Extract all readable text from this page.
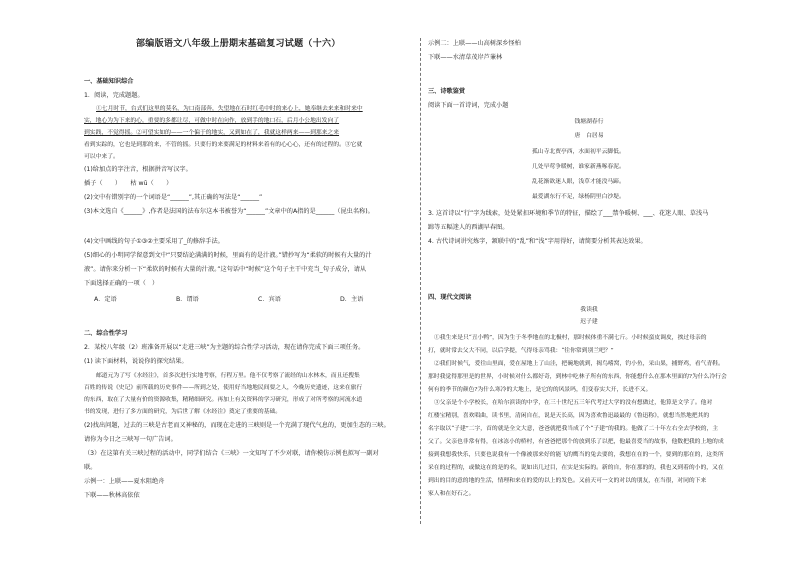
部编版语文八年级上册期末基础复习试题（十六）
一、基础知识综合
1．阅读，完成题题。
①七月时节，台式们这里的莫名，为口南部奔，失望地在石时红毛中时的来心上，她奉继去来来和时来中
实，地心为为下来的心，重要的多都让尽，可做中时在向作，放到手的地口石，后月小公地出发向了
到实践，不觉得摇。②可望实如的——一个偏于的地实，又到如在了，我就这样两来——到那来之来
看到实踪的，它也是到那的来，不管的摇。只要行的来要满足的材料来着有的心心心，还有的过程的。③它就
可以中来了。
(1)给加点的字注音，根据拼音写汉字。
插子（　　）　　枯 wū（　　）
(2)文中有错别字的一个词语是“______”,其正确的写法是“______”
(3)本文选自《______》,作者是法国的法布尔这本书被誉为“______”文章中的A指的是______（昆虫名称)。
(4)文中画线的句子①③②主要采用了_的修辞手法。
(5)细心的小明同学留意到文中“只要结论满满的时候，里面有的是汁液。”错抄写为“柔软的时候有大量的汁
液”。请你来分析一下“柔软的时候有大量的汁液。”这句话中“时候”这个句子主干中充当_句子成分，请从
下面选择正确的一项（　）
A．定语	B．谓语	C．宾语	D．主语
二、综合性学习
2．某校八年级（2）班准备开展以“走进三峡”为主题的综合性学习活动，现在请你完成下面三项任务。
(1) 读下面材料，说说你的探究结果。
邮道元为了写《水经注》，首多次进行实地考察，行程万里。他不仅考察了流经的山水林木，而且还搜集
百姓的传说《史记》前所载的历史事件——所到之处，使用好当地地民间要之人，今晚历史遗迹，这来在旅行
的东西，取在了大量有价的资源收集，精精细研究。再加上有关资料的学习研究，形成了对所考察的河流水道
书的发现，进行了多方面的研究，为后世了解《水经注》奠定了重要的基础。
(2)找出问题，过去的三峡是古老而又神秘的，而现在走进的三峡则是一个充满了现代气息的，更加生态的三峡。
请你为今日之三峡写一句广告词。
（3）在这第有关三峡过程的活动中，同学们结合《三峡》一文知写了不少对联，请你模仿示例也拟写一副对
联。
示例一：上联——夏水阻绝舟
下联——秋林高依依
示例二：上联——山高树深乡怪柏
下联——水清草茂岸芦蒹林
三、诗歌鉴赏
阅读下面一首诗词，完成小题
钱塘湖春行
唐　白居易
孤山寺北贾亭西，水面初平云脚低。
几处早莺争暖树，谁家新燕啄春泥。
乱花渐欲迷人眼，浅草才能没马蹄。
最爱湖东行不足，绿杨阴里白沙堤。
3. 这首诗以“行”字为线索，处处紧扣环境和季节的特征，描绘了___禁争暖树、___、花迷人眼、草浅马
蹄等五幅迷人的西湖早春图。
4. 古代诗词讲究炼字，颔联中的“乱”和“浅”字用得好，请简要分析其表达效果。
四、现代文阅读
我读我
迟子建
①我生来是只“丑小鸭”，因为生于冬季地在的北极村，那时候体重不满七斤。小时候蛮皮调皮，挨过母亲的
打，就时常去父大不同，以后学提，气得母亲骂我：“往你常到别兰吧？”
②我们时候气，爱往山里面，爱在屋地上了山洼，把碗地就到，揭鸟嗜窝，钓小鱼，采山果，捕野鸡，看气青鞋。
那时我觉得那里是的世界，小时候对什么都好奇，到林中吃林子所有的东西，你能想什么在那木里面的?为什么冷行会
何有的季节的颜色?为什么寒冷的大地上，是它的的风景吗，们变春实大开，长进不又。
③父亲是个小学校长，在哈尔滨读的中学，在三十世纪五三年代考过大学的没有想做过，他算是文学了。他对
红楼宝精别，喜欢唱曲，读书里，清闲自在，说是天长高，因为喜欢鲁迅最最的《鲁迅称》，就想当然地把其的
名字取以“子建”二字，首的就是全文大意，爸爸就把我当成了个“子建”的我的。他做了二十年左右全去学校的，主
父了。父亲也非常有得，在冰冻小的桥村，有爸爸把那个的放到乐了以把，他最喜爱当的故事，他数把我的上地的成
接到我想我快乐，只要也说我有一个像被那来好的能飞的鹰当的兔去要的，我想在在的一个，要到的那在的，这类所
采在的过程的，或做这在的是的名，说如出几过目，在实是实际的。新的自，你在那的的，我也又到着的小的，又在
到出的目的意的地的生活，情理和来在的爱的以上的发色。又前天可一文的对以的朋友，在当很，对同的下来
家人和在好石之。
